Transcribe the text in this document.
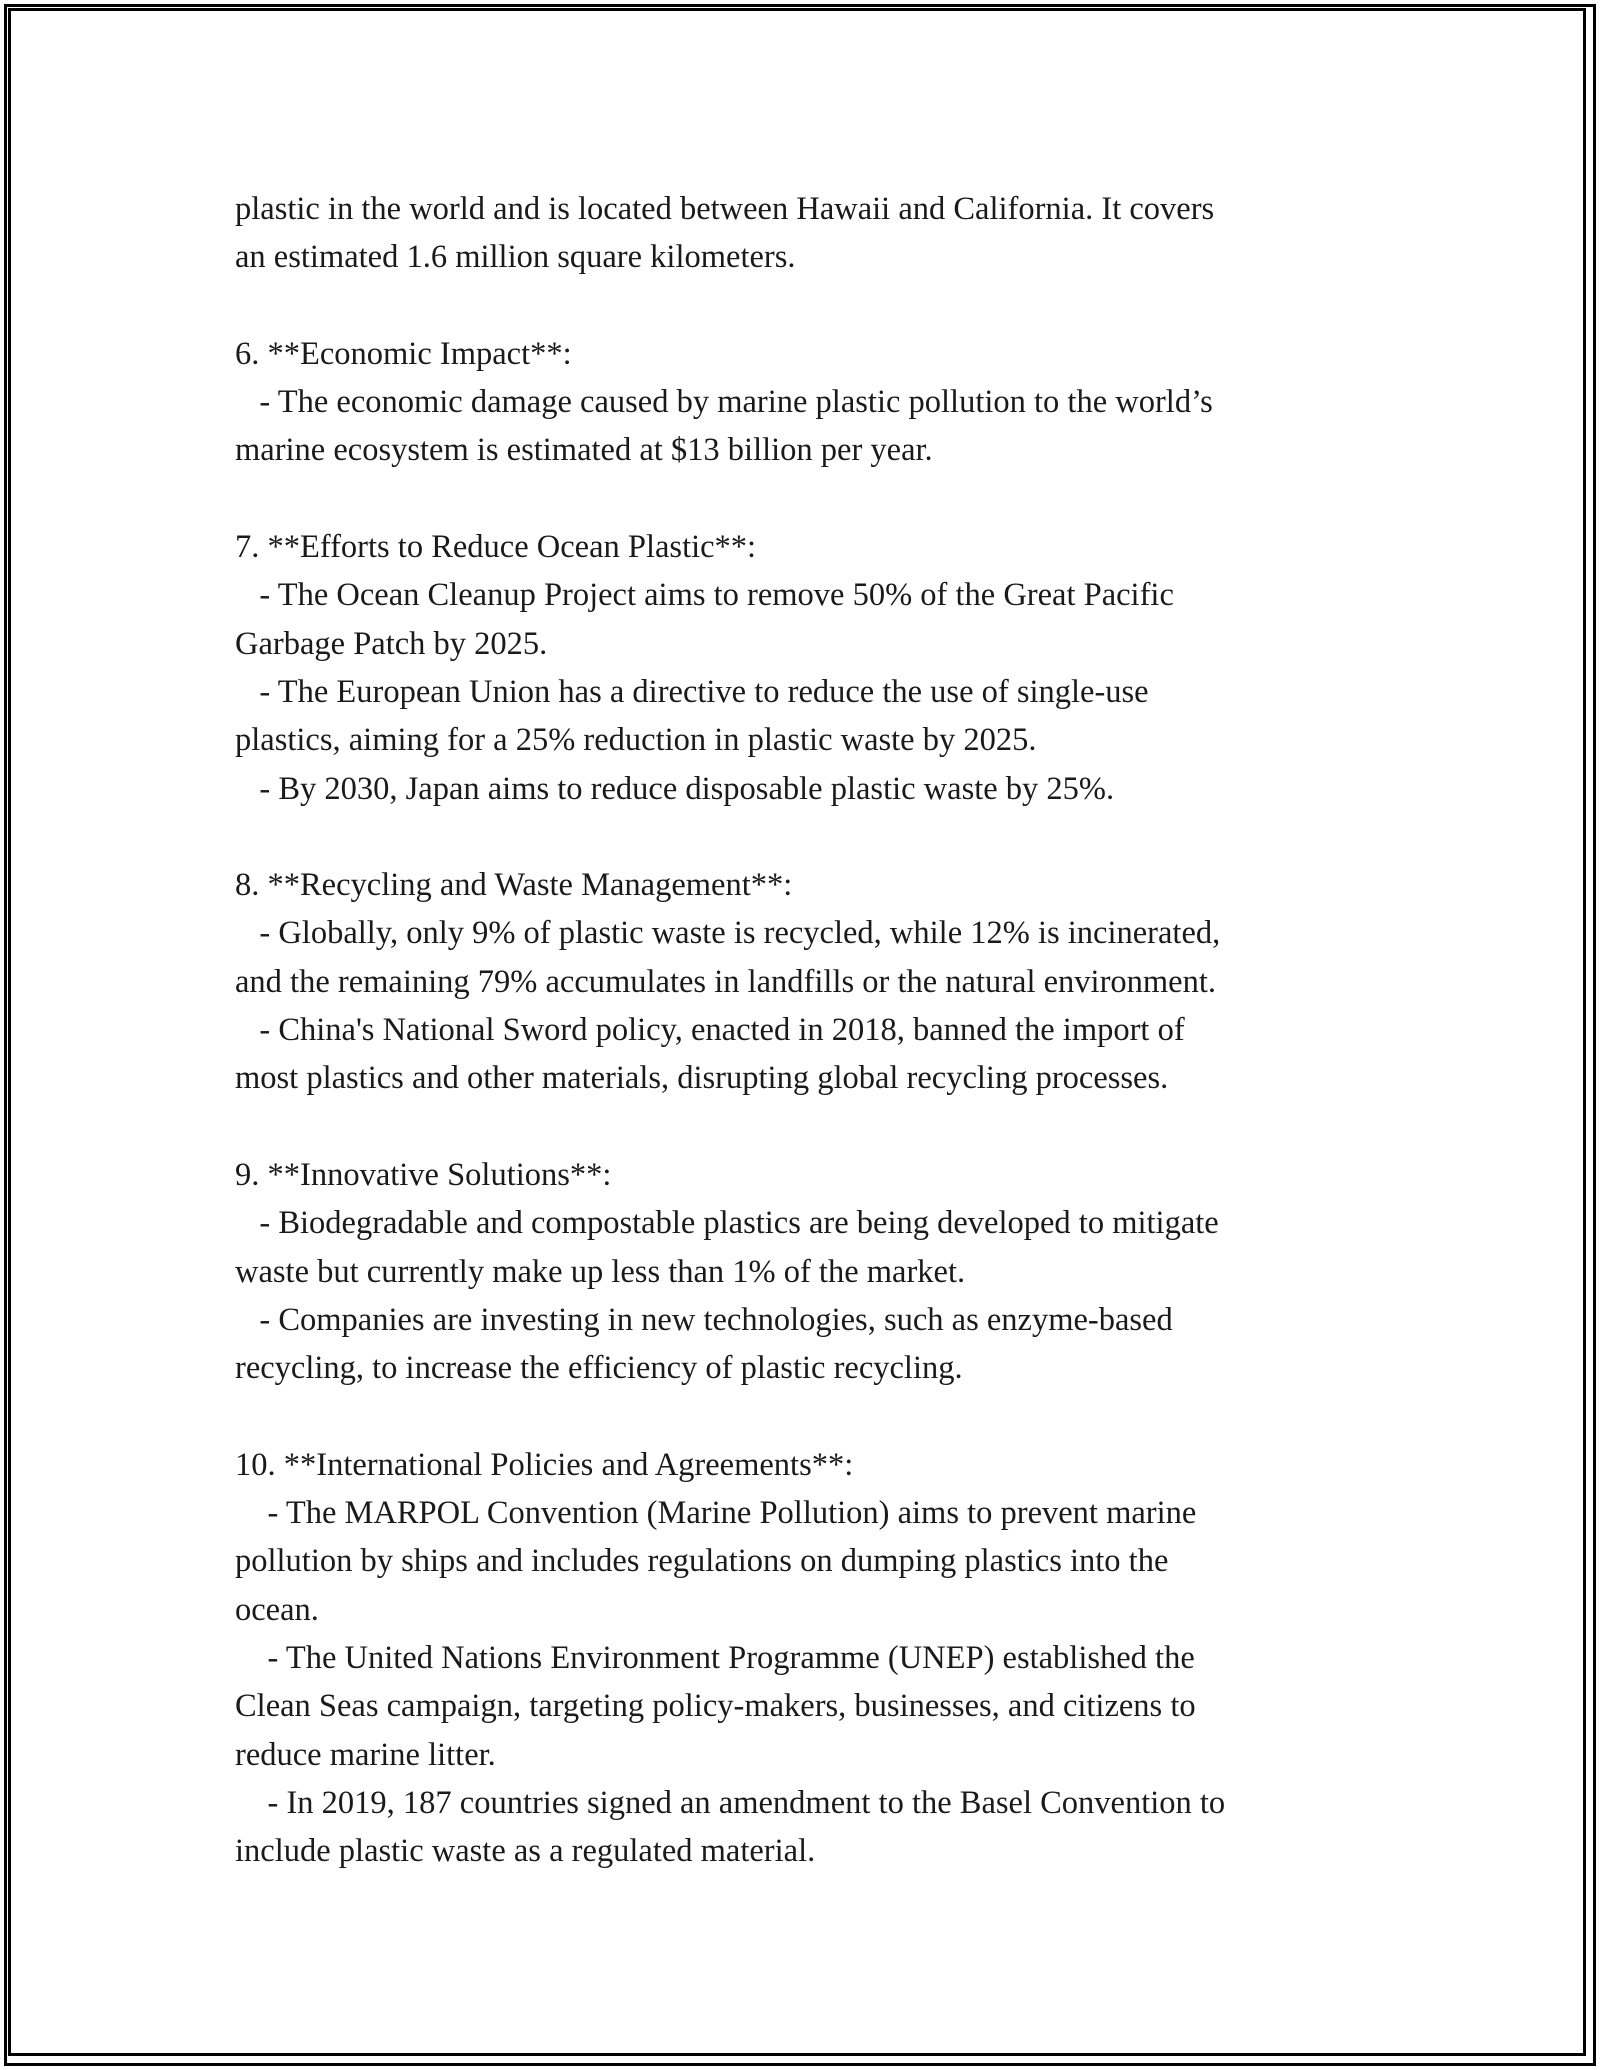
plastic in the world and is located between Hawaii and California. It covers
an estimated 1.6 million square kilometers.
6. **Economic Impact**:
- The economic damage caused by marine plastic pollution to the world’s
marine ecosystem is estimated at $13 billion per year.
7. **Efforts to Reduce Ocean Plastic**:
- The Ocean Cleanup Project aims to remove 50% of the Great Pacific
Garbage Patch by 2025.
- The European Union has a directive to reduce the use of single-use
plastics, aiming for a 25% reduction in plastic waste by 2025.
- By 2030, Japan aims to reduce disposable plastic waste by 25%.
8. **Recycling and Waste Management**:
- Globally, only 9% of plastic waste is recycled, while 12% is incinerated,
and the remaining 79% accumulates in landfills or the natural environment.
- China's National Sword policy, enacted in 2018, banned the import of
most plastics and other materials, disrupting global recycling processes.
9. **Innovative Solutions**:
- Biodegradable and compostable plastics are being developed to mitigate
waste but currently make up less than 1% of the market.
- Companies are investing in new technologies, such as enzyme-based
recycling, to increase the efficiency of plastic recycling.
10. **International Policies and Agreements**:
- The MARPOL Convention (Marine Pollution) aims to prevent marine
pollution by ships and includes regulations on dumping plastics into the
ocean.
- The United Nations Environment Programme (UNEP) established the
Clean Seas campaign, targeting policy-makers, businesses, and citizens to
reduce marine litter.
- In 2019, 187 countries signed an amendment to the Basel Convention to
include plastic waste as a regulated material.
